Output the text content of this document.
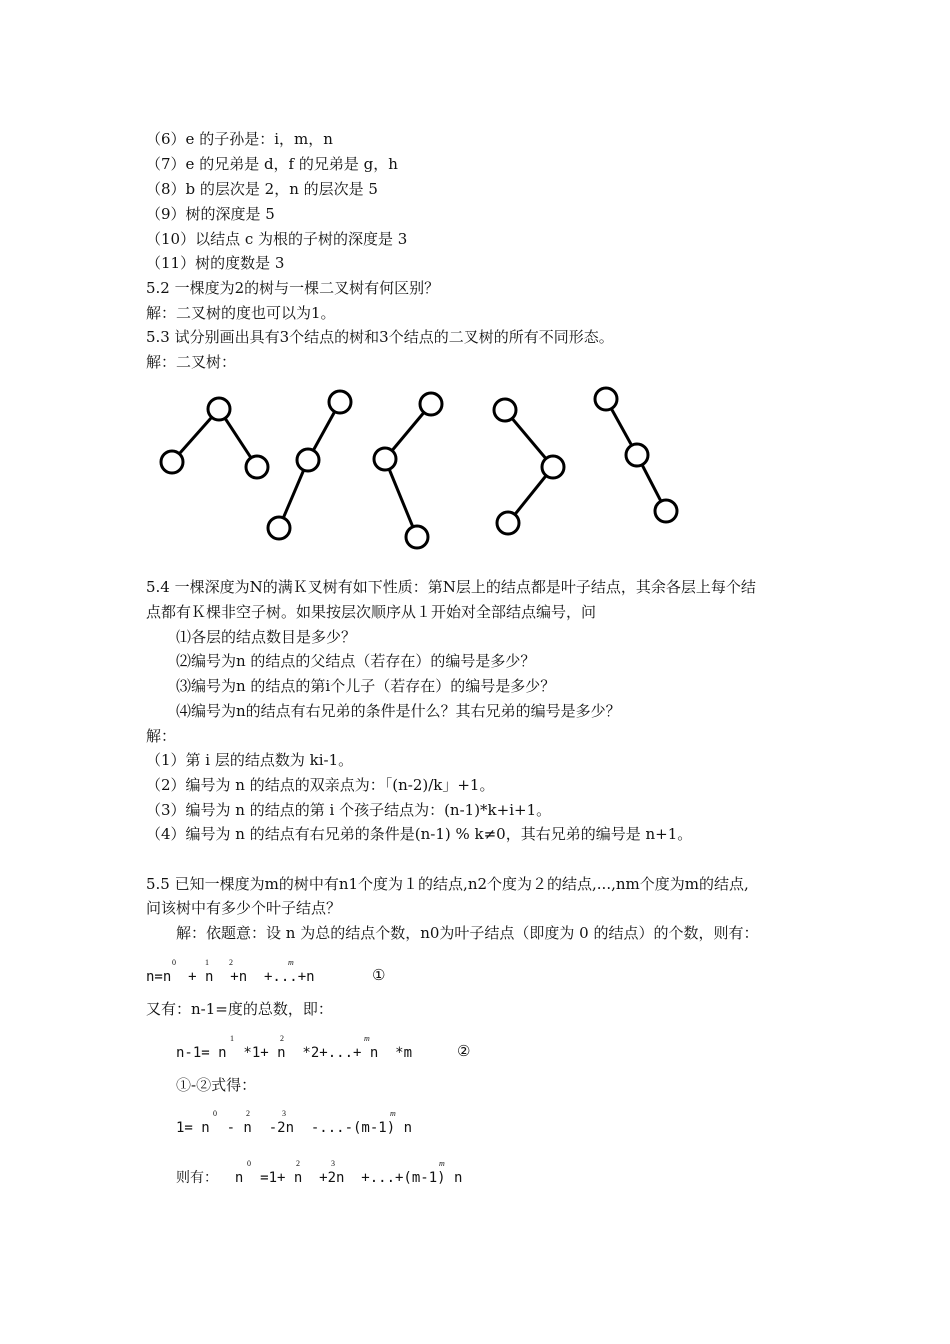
（6）e 的子孙是：i，m，n
（7）e 的兄弟是 d，f 的兄弟是 g，h
（8）b 的层次是 2，n 的层次是 5
（9）树的深度是 5
（10）以结点 c 为根的子树的深度是 3
（11）树的度数是 3
5.2 一棵度为2的树与一棵二叉树有何区别？
解：二叉树的度也可以为1。
5.3 试分别画出具有3个结点的树和3个结点的二叉树的所有不同形态。
解：二叉树：
5.4 一棵深度为N的满Ｋ叉树有如下性质：第N层上的结点都是叶子结点，其余各层上每个结
点都有Ｋ棵非空子树。如果按层次顺序从１开始对全部结点编号，问
⑴各层的结点数目是多少？
⑵编号为n 的结点的父结点（若存在）的编号是多少？
⑶编号为n 的结点的第i个儿子（若存在）的编号是多少？
⑷编号为n的结点有右兄弟的条件是什么？其右兄弟的编号是多少？
解：
（1）第 i 层的结点数为 ki-1。
（2）编号为 n 的结点的双亲点为：「(n-2)/k」+1。
（3）编号为 n 的结点的第 i 个孩子结点为：(n-1)*k+i+1。
（4）编号为 n 的结点有右兄弟的条件是(n-1) % k≠0，其右兄弟的编号是 n+1。
5.5 已知一棵度为m的树中有n1个度为１的结点,n2个度为２的结点,...,nm个度为m的结点,
问该树中有多少个叶子结点？
解：依题意：设 n 为总的结点个数，n0为叶子结点（即度为 0 的结点）的个数，则有：
n=n  + n  +n  +...+n	①
0	1	2	m
又有：n-1=度的总数，即：
n-1= n  *1+ n  *2+...+ n  *m	②
1	2	m
①-②式得：
1= n  - n  -2n  -...-(m-1) n
0	2	3	m
则有：  n  =1+ n  +2n  +...+(m-1) n
0	2	3	m
